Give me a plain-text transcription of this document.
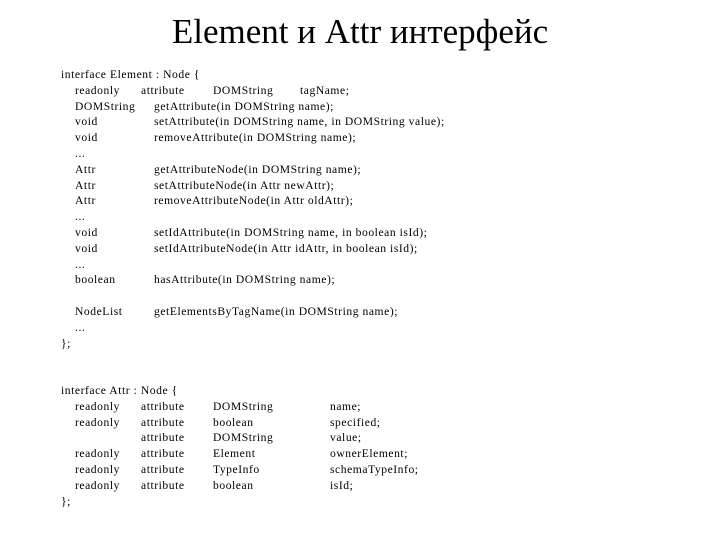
Element и Attr интерфейс
interface Element : Node {
readonly attribute DOMString tagName;
DOMString getAttribute(in DOMString name);
void	setAttribute(in DOMString name, in DOMString value);
void	removeAttribute(in DOMString name);
...
Attr	getAttributeNode(in DOMString name);
Attr	setAttributeNode(in Attr newAttr);
Attr	removeAttributeNode(in Attr oldAttr);
...
void	setIdAttribute(in DOMString name, in boolean isId);
void	setIdAttributeNode(in Attr idAttr, in boolean isId);
...
boolean	hasAttribute(in DOMString name);
NodeList	getElementsByTagName(in DOMString name);
...
};
interface Attr : Node {
readonly attribute DOMString	name;
readonly attribute boolean	specified;
attribute DOMString	value;
readonly attribute Element	ownerElement;
readonly attribute TypeInfo	schemaTypeInfo;
readonly attribute boolean	isId;
};
